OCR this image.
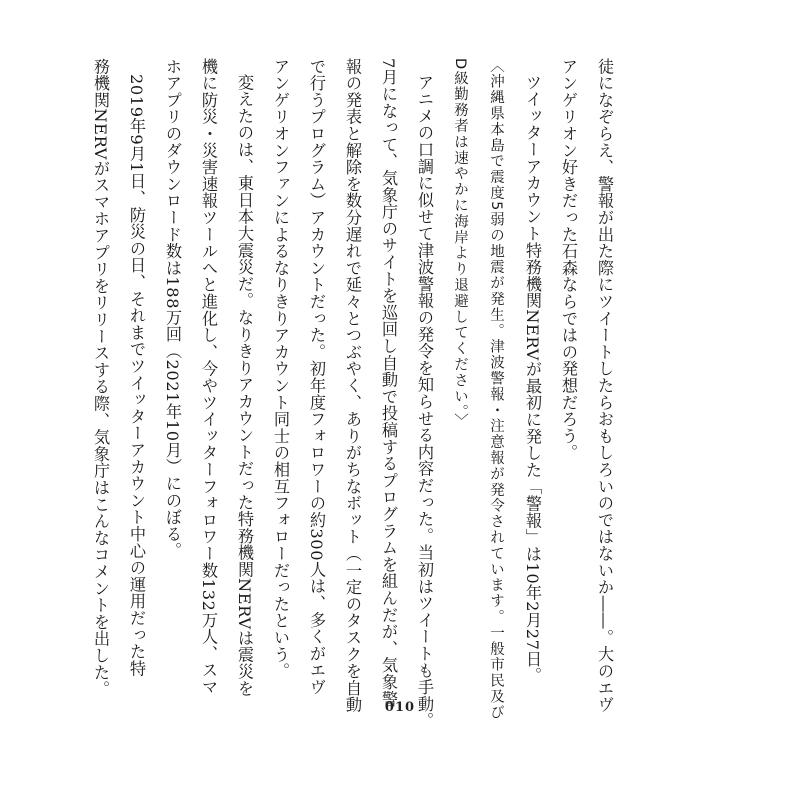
徒になぞらえ、警報が出た際にツイートしたらおもしろいのではないか――。大のエヴ

アンゲリオン好きだった石森ならではの発想だろう。

ツイッターアカウント特務機関NERVが最初に発した「警報」は10年2月27日。

〈沖縄県本島で震度5弱の地震が発生。津波警報・注意報が発令されています。一般市民及び

D級勤務者は速やかに海岸より退避してください。〉

アニメの口調に似せて津波警報の発令を知らせる内容だった。当初はツイートも手動。

7月になって、気象庁のサイトを巡回し自動で投稿するプログラムを組んだが、気象警

報の発表と解除を数分遅れで延々とつぶやく、ありがちなボット（一定のタスクを自動

で行うプログラム）アカウントだった。初年度フォロワーの約300人は、多くがエヴ

アンゲリオンファンによるなりきりアカウント同士の相互フォローだったという。

変えたのは、東日本大震災だ。なりきりアカウントだった特務機関NERVは震災を

機に防災・災害速報ツールへと進化し、今やツイッターフォロワー数132万人、スマ

ホアプリのダウンロード数は188万回（2021年10月）にのぼる。

2019年9月1日、防災の日、それまでツイッターアカウント中心の運用だった特

務機関NERVがスマホアプリをリリースする際、気象庁はこんなコメントを出した。

010
